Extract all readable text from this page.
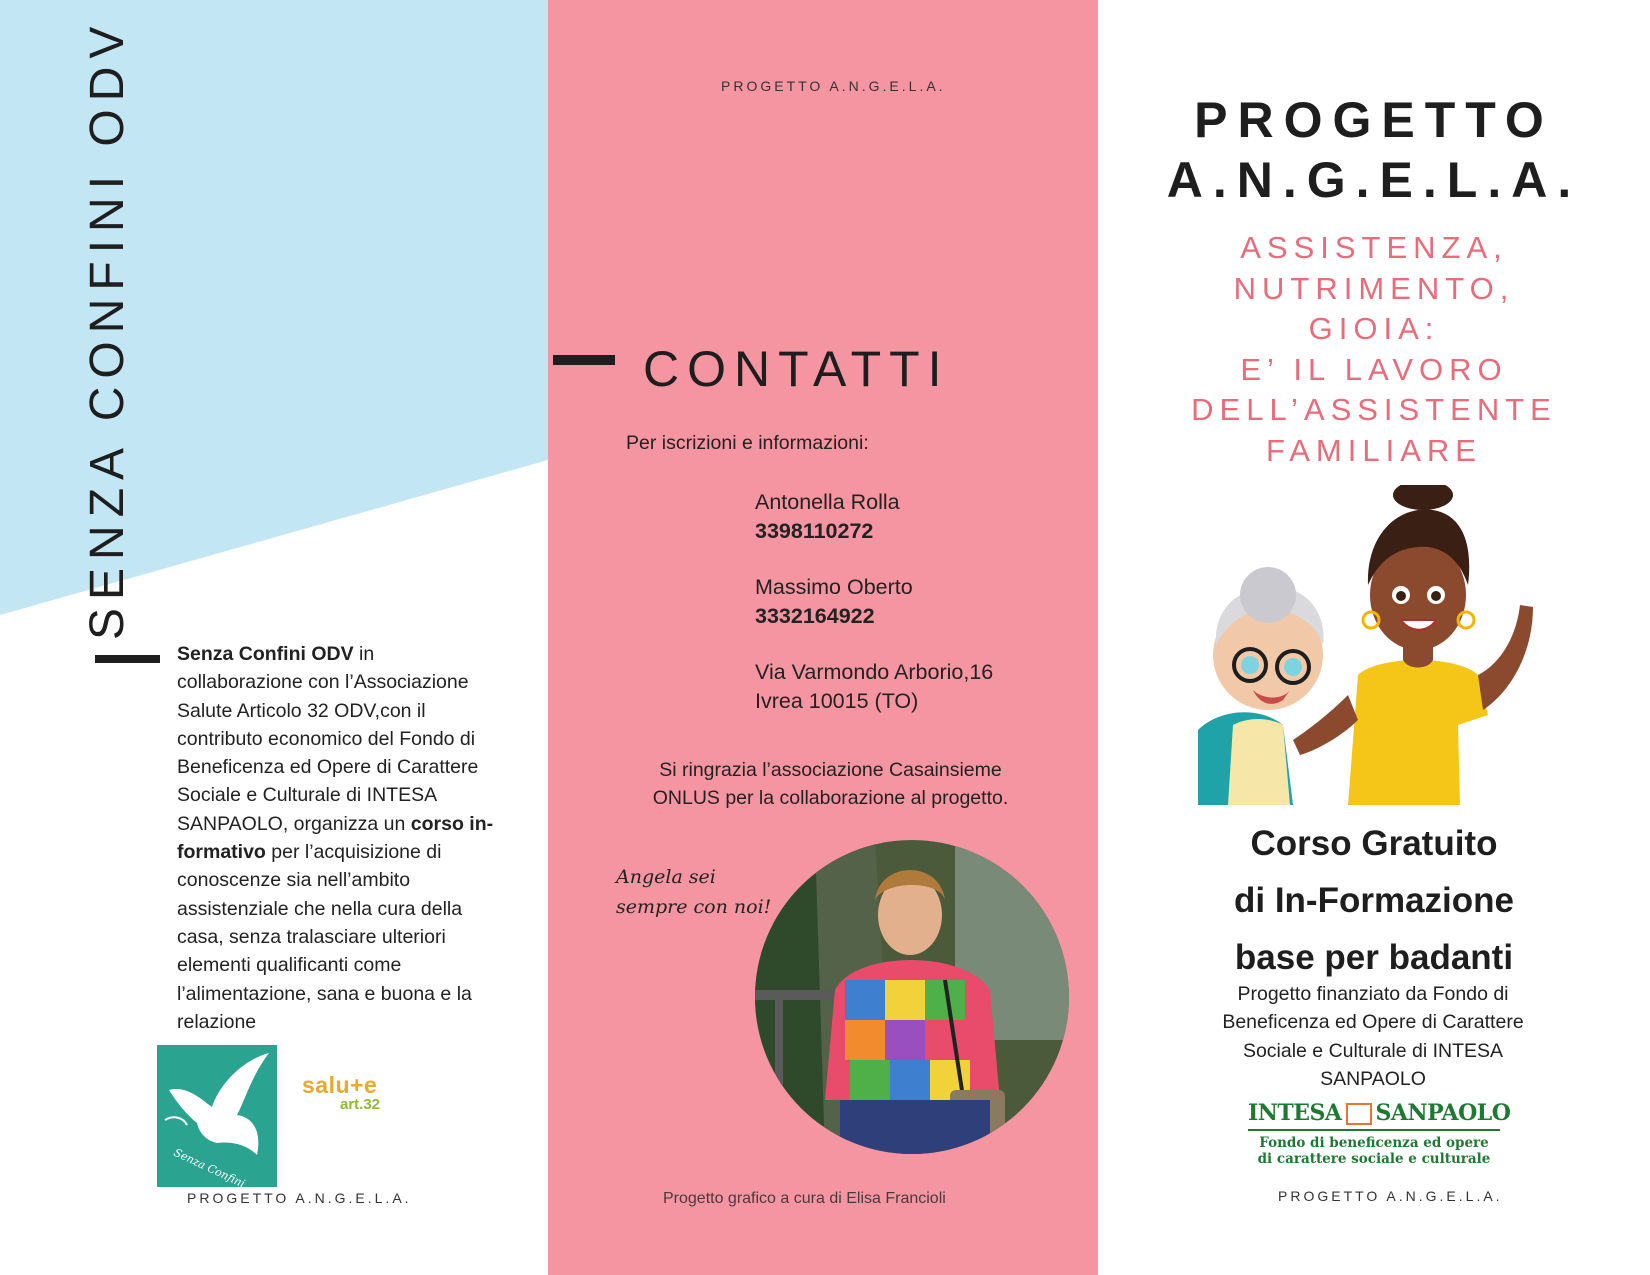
SENZA CONFINI ODV
Senza Confini ODV in collaborazione con l’Associazione Salute Articolo 32 ODV,con il contributo economico del Fondo di Beneficenza ed Opere di Carattere Sociale e Culturale di INTESA SANPAOLO, organizza un corso in-formativo per l’acquisizione di conoscenze sia nell’ambito assistenziale che nella cura della casa, senza tralasciare ulteriori elementi qualificanti come l’alimentazione, sana e buona e la relazione
Senza Confini
salu+e
art.32
PROGETTO A.N.G.E.L.A.
PROGETTO A.N.G.E.L.A.
CONTATTI
Per iscrizioni e informazioni:
Antonella Rolla
3398110272
Massimo Oberto
3332164922
Via Varmondo Arborio,16
Ivrea 10015 (TO)
Si ringrazia l’associazione Casainsieme ONLUS per la collaborazione al progetto.
Angela sei
sempre con noi!
Progetto grafico a cura di Elisa Francioli
PROGETTO
A.N.G.E.L.A.
ASSISTENZA,
NUTRIMENTO,
GIOIA:
E’ IL LAVORO
DELL’ASSISTENTE
FAMILIARE
Corso Gratuito
di In-Formazione
base per badanti
Progetto finanziato da Fondo di Beneficenza ed Opere di Carattere Sociale e Culturale di INTESA SANPAOLO
INTESA SANPAOLO
Fondo di beneficenza ed opere
di carattere sociale e culturale
PROGETTO A.N.G.E.L.A.
